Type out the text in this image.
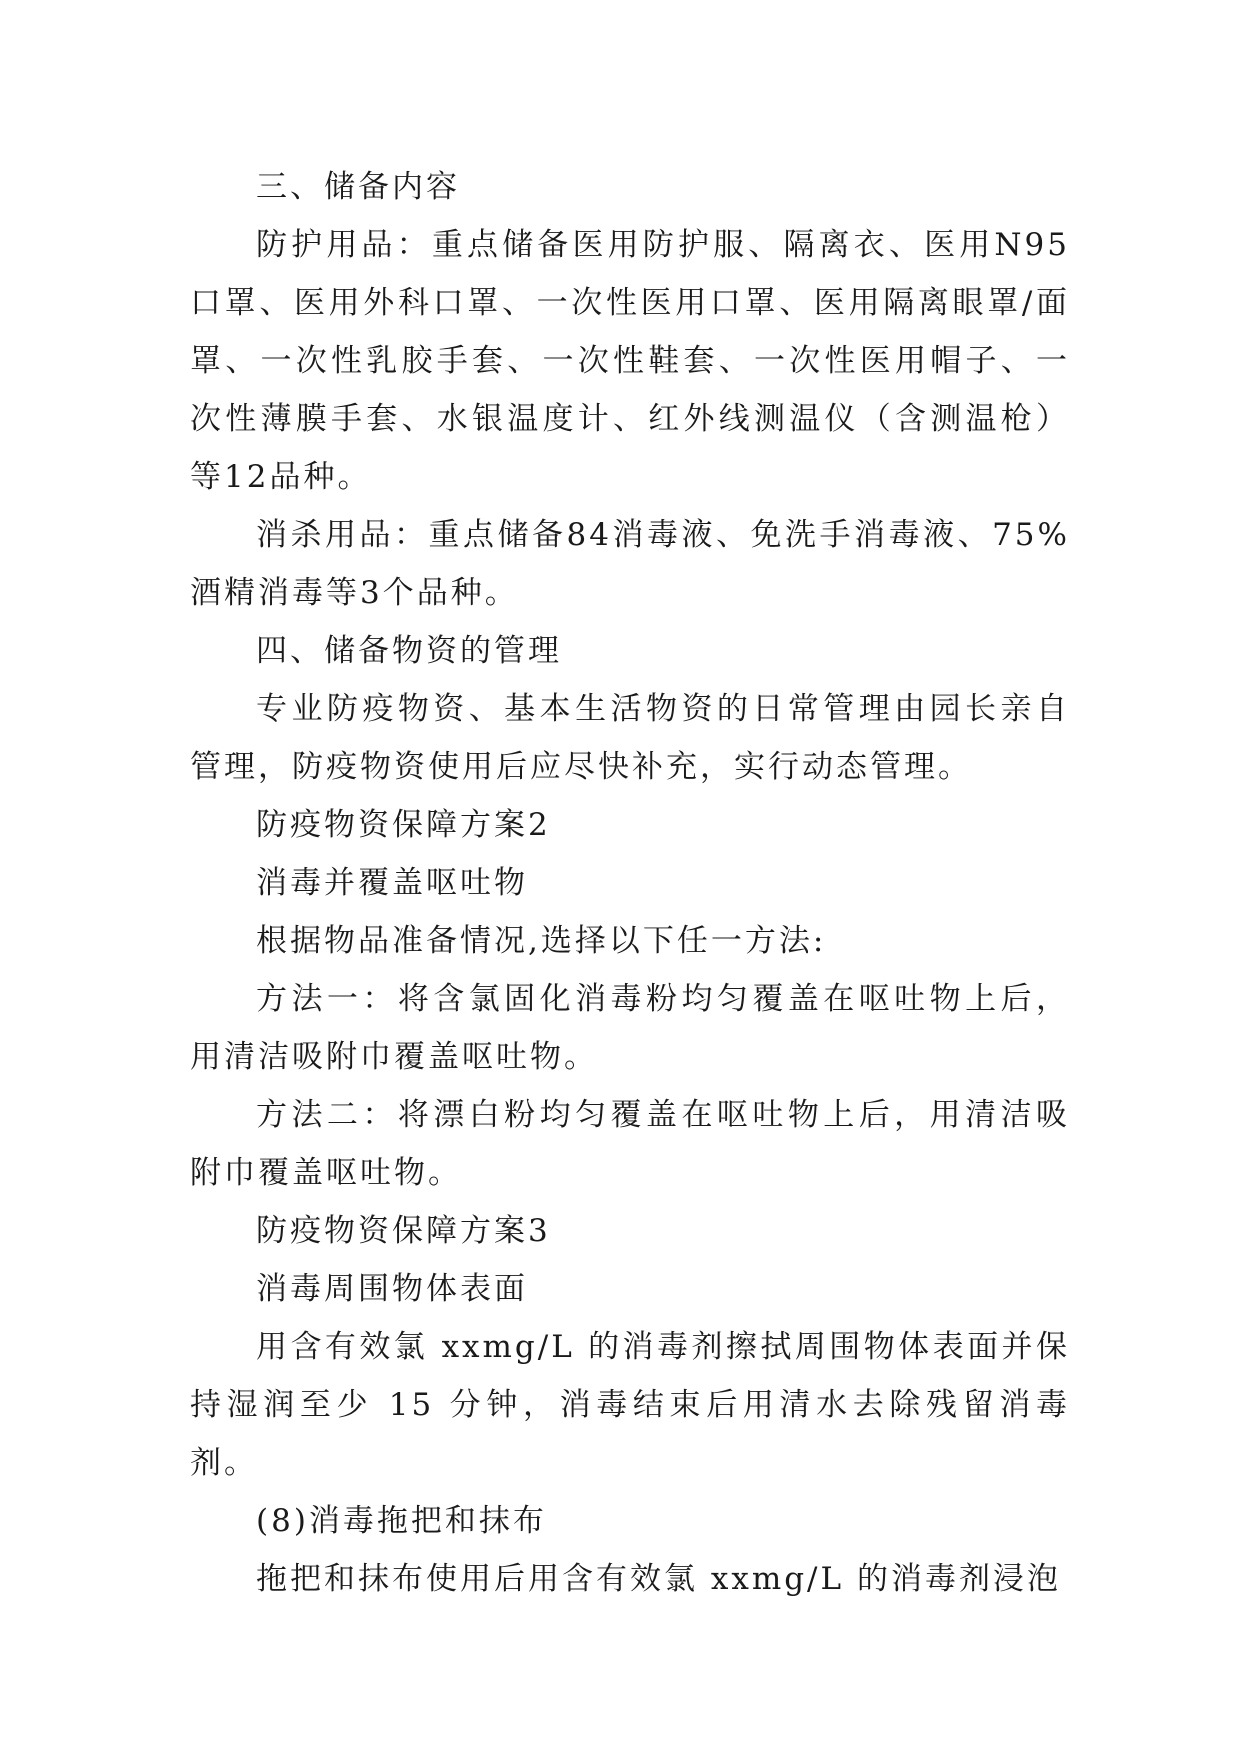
三、储备内容

防护用品：重点储备医用防护服、隔离衣、医用N95口罩、医用外科口罩、一次性医用口罩、医用隔离眼罩/面罩、一次性乳胶手套、一次性鞋套、一次性医用帽子、一次性薄膜手套、水银温度计、红外线测温仪（含测温枪）等12品种。

消杀用品：重点储备84消毒液、免洗手消毒液、75%酒精消毒等3个品种。

四、储备物资的管理

专业防疫物资、基本生活物资的日常管理由园长亲自管理，防疫物资使用后应尽快补充，实行动态管理。

防疫物资保障方案2

消毒并覆盖呕吐物

根据物品准备情况,选择以下任一方法:

方法一：将含氯固化消毒粉均匀覆盖在呕吐物上后，用清洁吸附巾覆盖呕吐物。

方法二：将漂白粉均匀覆盖在呕吐物上后，用清洁吸附巾覆盖呕吐物。

防疫物资保障方案3

消毒周围物体表面

用含有效氯 xxmg/L 的消毒剂擦拭周围物体表面并保持湿润至少 15 分钟，消毒结束后用清水去除残留消毒剂。

(8)消毒拖把和抹布

拖把和抹布使用后用含有效氯 xxmg/L 的消毒剂浸泡
